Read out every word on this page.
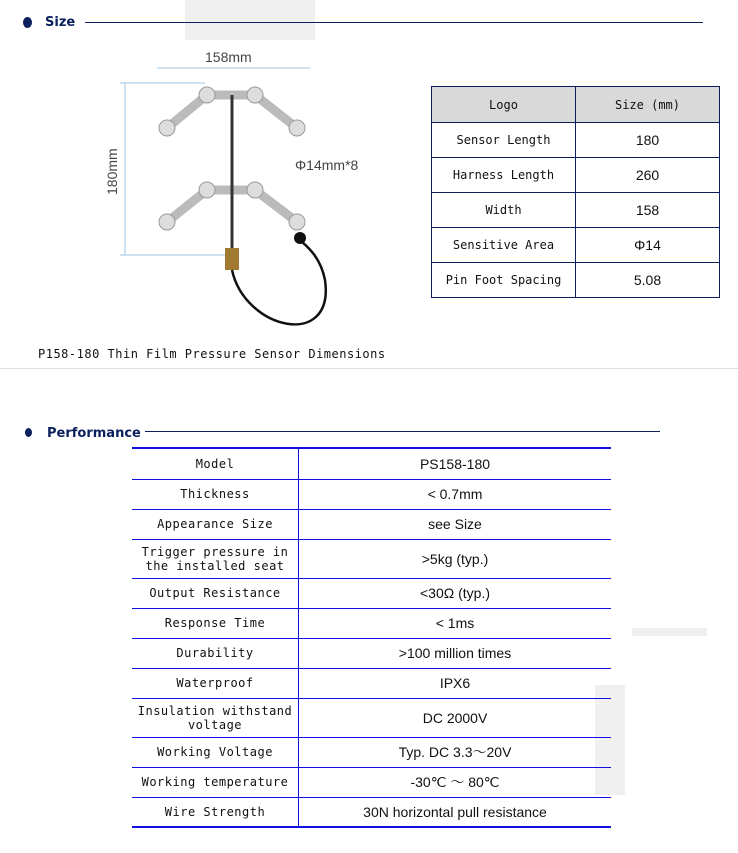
Size
158mm
Φ14mm*8
180mm
P158-180 Thin Film Pressure Sensor Dimensions
Logo	Size (mm)
Sensor Length	180
Harness Length	260
Width	158
Sensitive Area	Φ14
Pin Foot Spacing	5.08
Performance
Model	PS158-180
Thickness	< 0.7mm
Appearance Size	see Size
Trigger pressure in the installed seat	>5kg (typ.)
Output Resistance	<30Ω (typ.)
Response Time	< 1ms
Durability	>100 million times
Waterproof	IPX6
Insulation withstand voltage	DC 2000V
Working Voltage	Typ. DC 3.3～20V
Working temperature	-30℃ ～ 80℃
Wire Strength	30N horizontal pull resistance
